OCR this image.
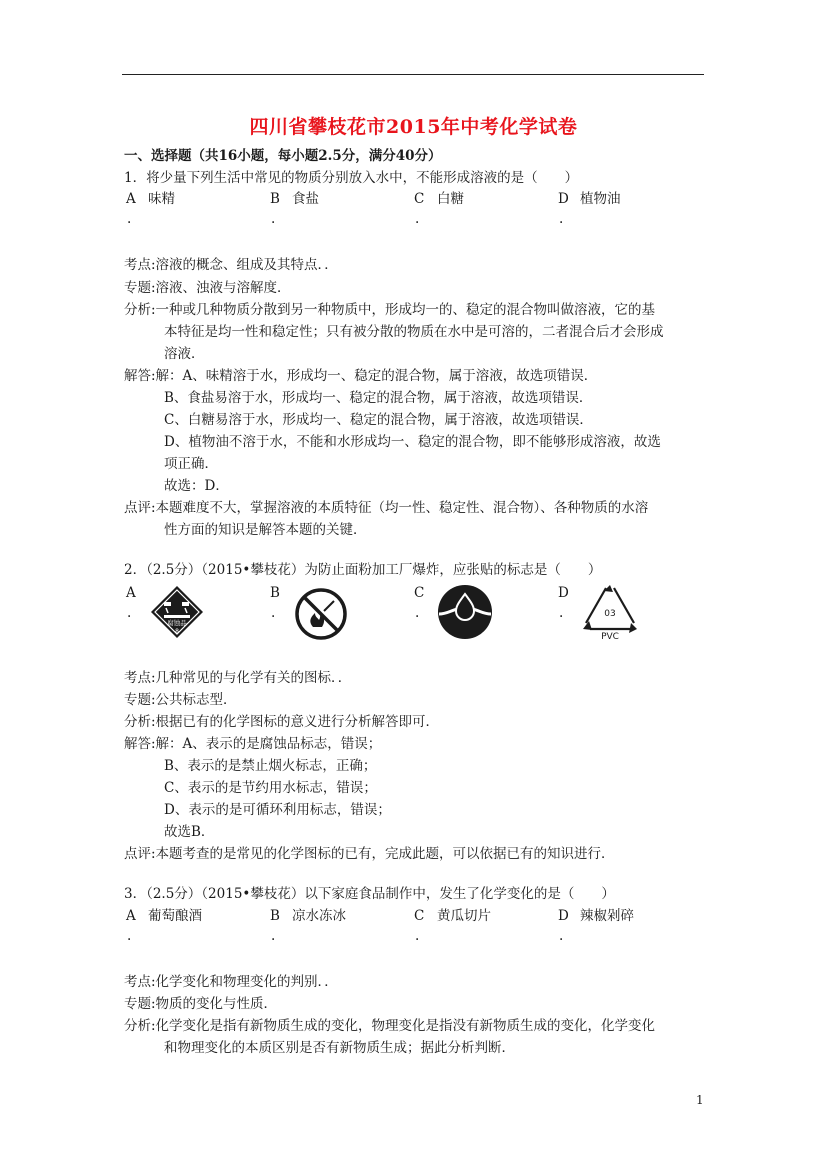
四川省攀枝花市2015年中考化学试卷
一、选择题（共16小题，每小题2.5分，满分40分）
1．将少量下列生活中常见的物质分别放入水中，不能形成溶液的是（　　）
A 味精	B 食盐	C 白糖	D 植物油
.	.	.	.
考点:溶液的概念、组成及其特点．．
专题:溶液、浊液与溶解度．
分析:一种或几种物质分散到另一种物质中，形成均一的、稳定的混合物叫做溶液，它的基
本特征是均一性和稳定性；只有被分散的物质在水中是可溶的，二者混合后才会形成
溶液．
解答:解：A、味精溶于水，形成均一、稳定的混合物，属于溶液，故选项错误．
B、食盐易溶于水，形成均一、稳定的混合物，属于溶液，故选项错误．
C、白糖易溶于水，形成均一、稳定的混合物，属于溶液，故选项错误．
D、植物油不溶于水，不能和水形成均一、稳定的混合物，即不能够形成溶液，故选
项正确．
故选：D．
点评:本题难度不大，掌握溶液的本质特征（均一性、稳定性、混合物）、各种物质的水溶
性方面的知识是解答本题的关键．
2．（2.5分）（2015•攀枝花）为防止面粉加工厂爆炸，应张贴的标志是（　　）
A
.
腐蚀品
8
B
.
C
.
D
.	03
PVC
考点:几种常见的与化学有关的图标．．
专题:公共标志型．
分析:根据已有的化学图标的意义进行分析解答即可．
解答:解：A、表示的是腐蚀品标志，错误；
B、表示的是禁止烟火标志，正确；
C、表示的是节约用水标志，错误；
D、表示的是可循环利用标志，错误；
故选B．
点评:本题考查的是常见的化学图标的已有，完成此题，可以依据已有的知识进行．
3．（2.5分）（2015•攀枝花）以下家庭食品制作中，发生了化学变化的是（　　）
A 葡萄酿酒	B 凉水冻冰	C 黄瓜切片	D 辣椒剁碎
.	.	.	.
考点:化学变化和物理变化的判别．．
专题:物质的变化与性质．
分析:化学变化是指有新物质生成的变化，物理变化是指没有新物质生成的变化，化学变化
和物理变化的本质区别是否有新物质生成；据此分析判断．
1
